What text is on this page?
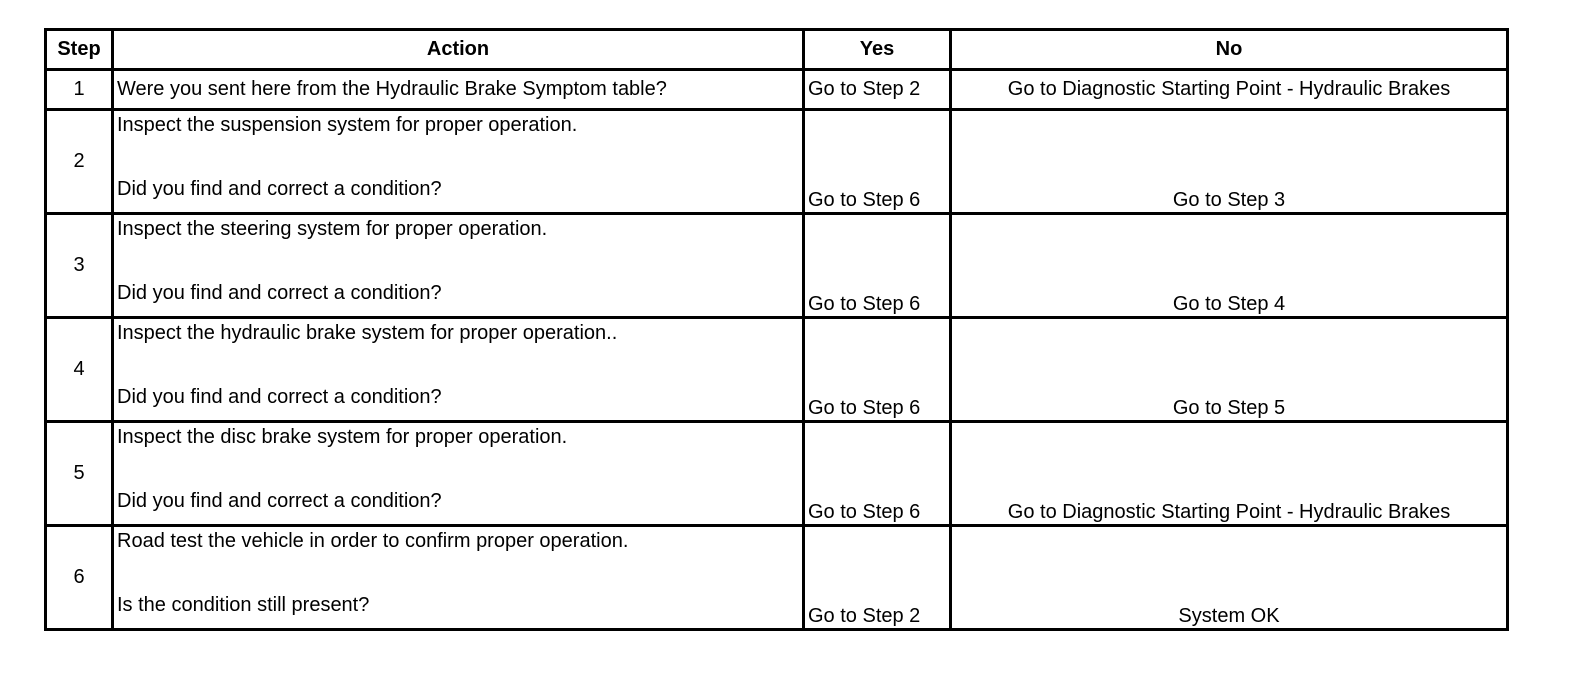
Step	Action	Yes	No
1	Were you sent here from the Hydraulic Brake Symptom table?	Go to Step 2	Go to Diagnostic Starting Point - Hydraulic Brakes
2	Inspect the suspension system for proper operation.
Did you find and correct a condition?	Go to Step 6	Go to Step 3
3	Inspect the steering system for proper operation.
Did you find and correct a condition?	Go to Step 6	Go to Step 4
4	Inspect the hydraulic brake system for proper operation..
Did you find and correct a condition?	Go to Step 6	Go to Step 5
5	Inspect the disc brake system for proper operation.
Did you find and correct a condition?	Go to Step 6	Go to Diagnostic Starting Point - Hydraulic Brakes
6	Road test the vehicle in order to confirm proper operation.
Is the condition still present?	Go to Step 2	System OK
